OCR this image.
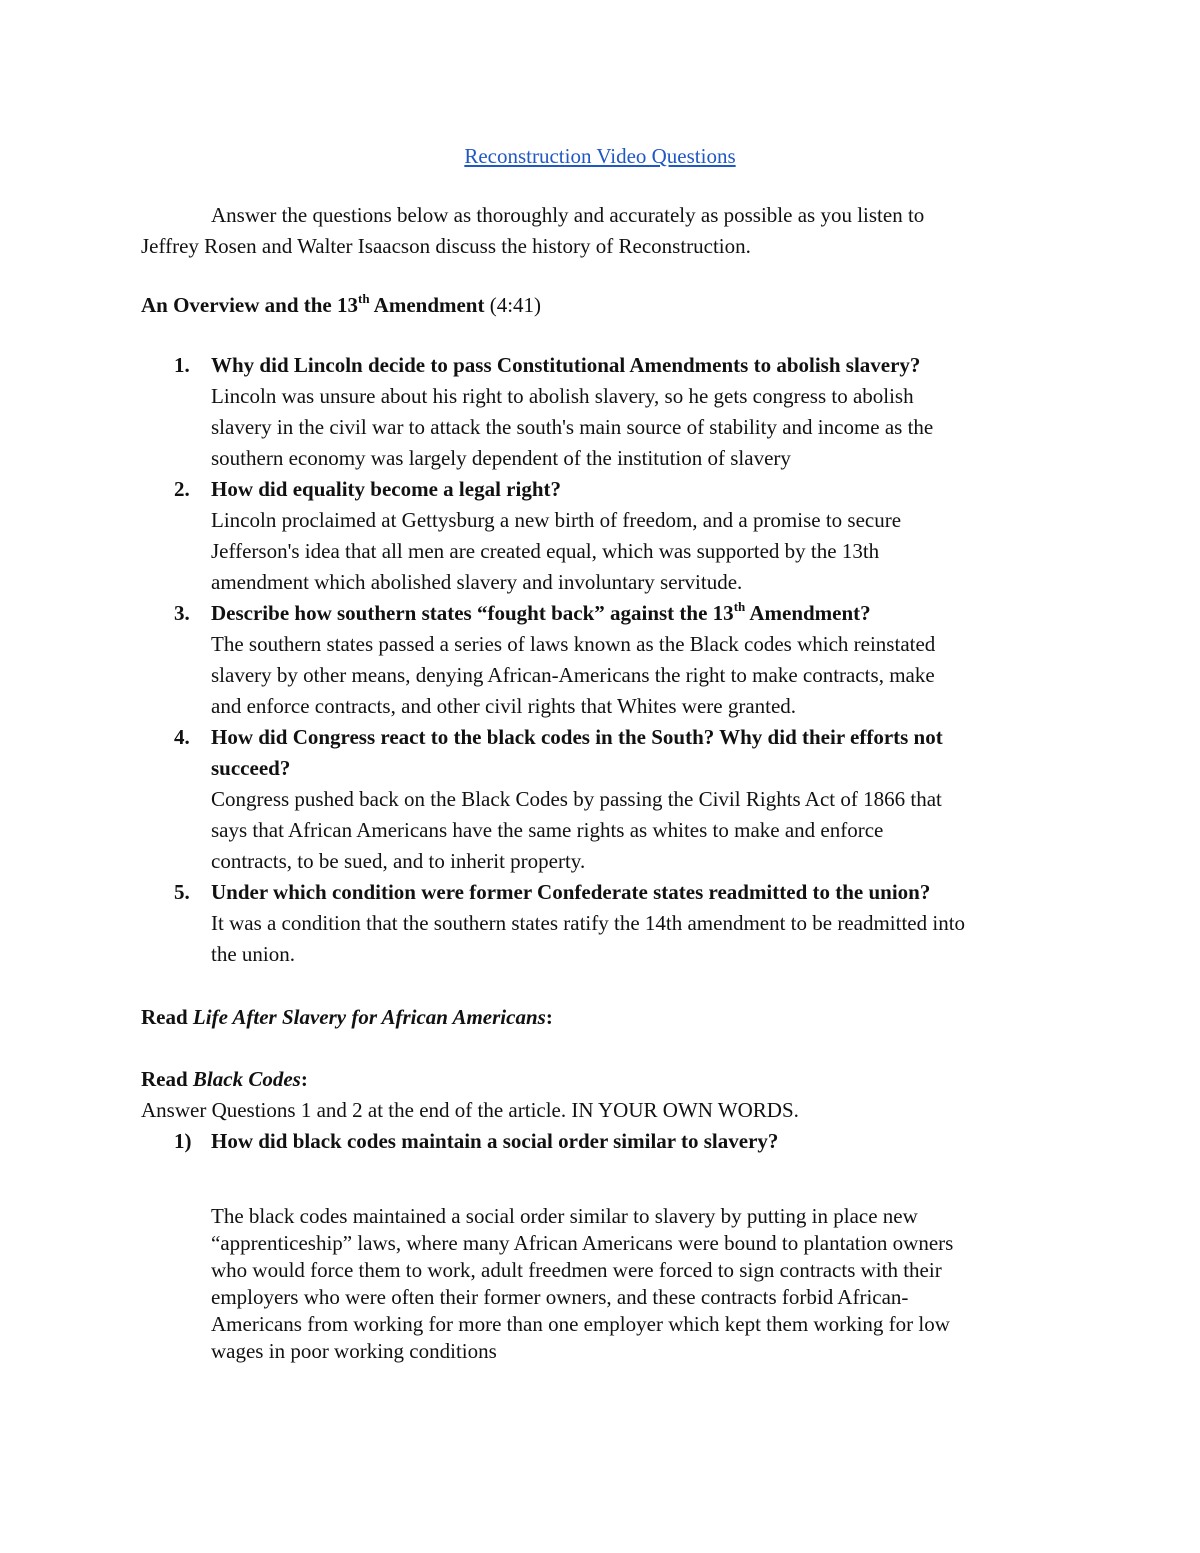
Reconstruction Video Questions
Answer the questions below as thoroughly and accurately as possible as you listen to
Jeffrey Rosen and Walter Isaacson discuss the history of Reconstruction.
An Overview and the 13th Amendment (4:41)
1. Why did Lincoln decide to pass Constitutional Amendments to abolish slavery?
Lincoln was unsure about his right to abolish slavery, so he gets congress to abolish
slavery in the civil war to attack the south's main source of stability and income as the
southern economy was largely dependent of the institution of slavery
2. How did equality become a legal right?
Lincoln proclaimed at Gettysburg a new birth of freedom, and a promise to secure
Jefferson's idea that all men are created equal, which was supported by the 13th
amendment which abolished slavery and involuntary servitude.
3. Describe how southern states “fought back” against the 13th Amendment?
The southern states passed a series of laws known as the Black codes which reinstated
slavery by other means, denying African-Americans the right to make contracts, make
and enforce contracts, and other civil rights that Whites were granted.
4. How did Congress react to the black codes in the South? Why did their efforts not
succeed?
Congress pushed back on the Black Codes by passing the Civil Rights Act of 1866 that
says that African Americans have the same rights as whites to make and enforce
contracts, to be sued, and to inherit property.
5. Under which condition were former Confederate states readmitted to the union?
It was a condition that the southern states ratify the 14th amendment to be readmitted into
the union.
Read Life After Slavery for African Americans:
Read Black Codes:
Answer Questions 1 and 2 at the end of the article. IN YOUR OWN WORDS.
1) How did black codes maintain a social order similar to slavery?
The black codes maintained a social order similar to slavery by putting in place new
“apprenticeship” laws, where many African Americans were bound to plantation owners
who would force them to work, adult freedmen were forced to sign contracts with their
employers who were often their former owners, and these contracts forbid African-
Americans from working for more than one employer which kept them working for low
wages in poor working conditions
